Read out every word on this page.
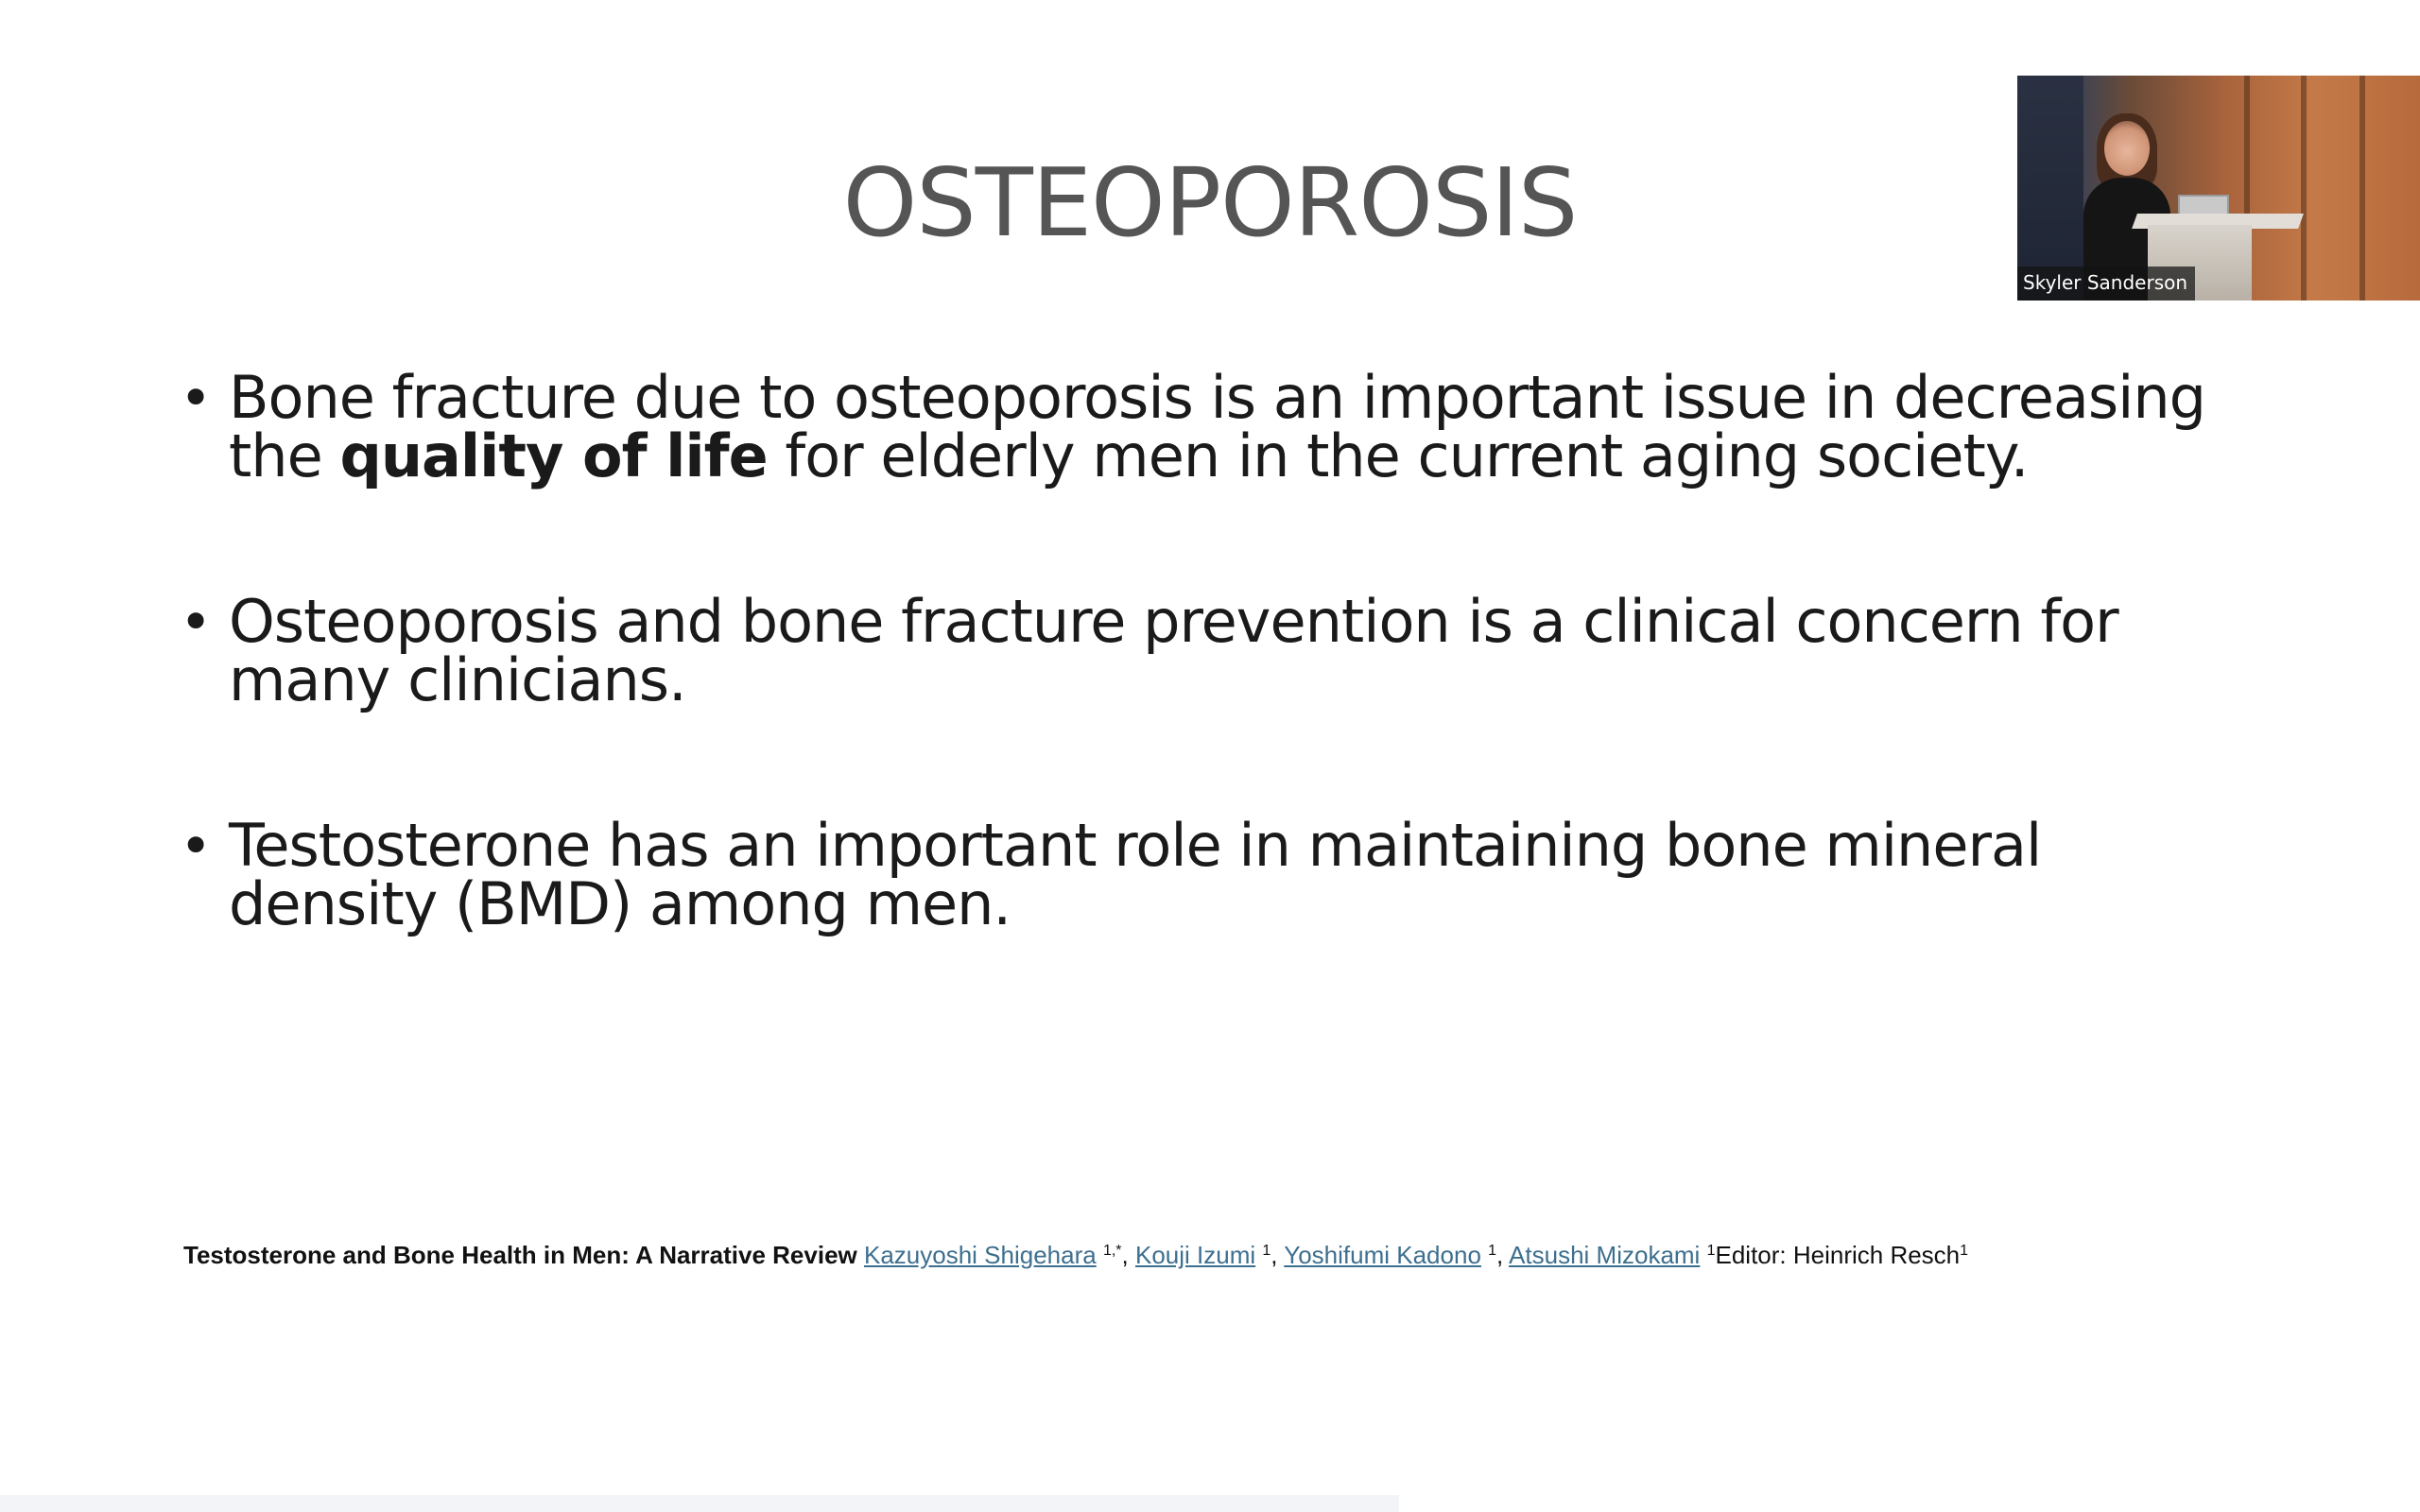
OSTEOPOROSIS
• Bone fracture due to osteoporosis is an important issue in decreasing the quality of life for elderly men in the current aging society.
• Osteoporosis and bone fracture prevention is a clinical concern for many clinicians.
• Testosterone has an important role in maintaining bone mineral density (BMD) among men.
Testosterone and Bone Health in Men: A Narrative Review Kazuyoshi Shigehara $^{1,*}$, Kouji Izumi $^1$, Yoshifumi Kadono $^1$, Atsushi Mizokami $^1$Editor: Heinrich Resch$^1$
Skyler Sanderson
